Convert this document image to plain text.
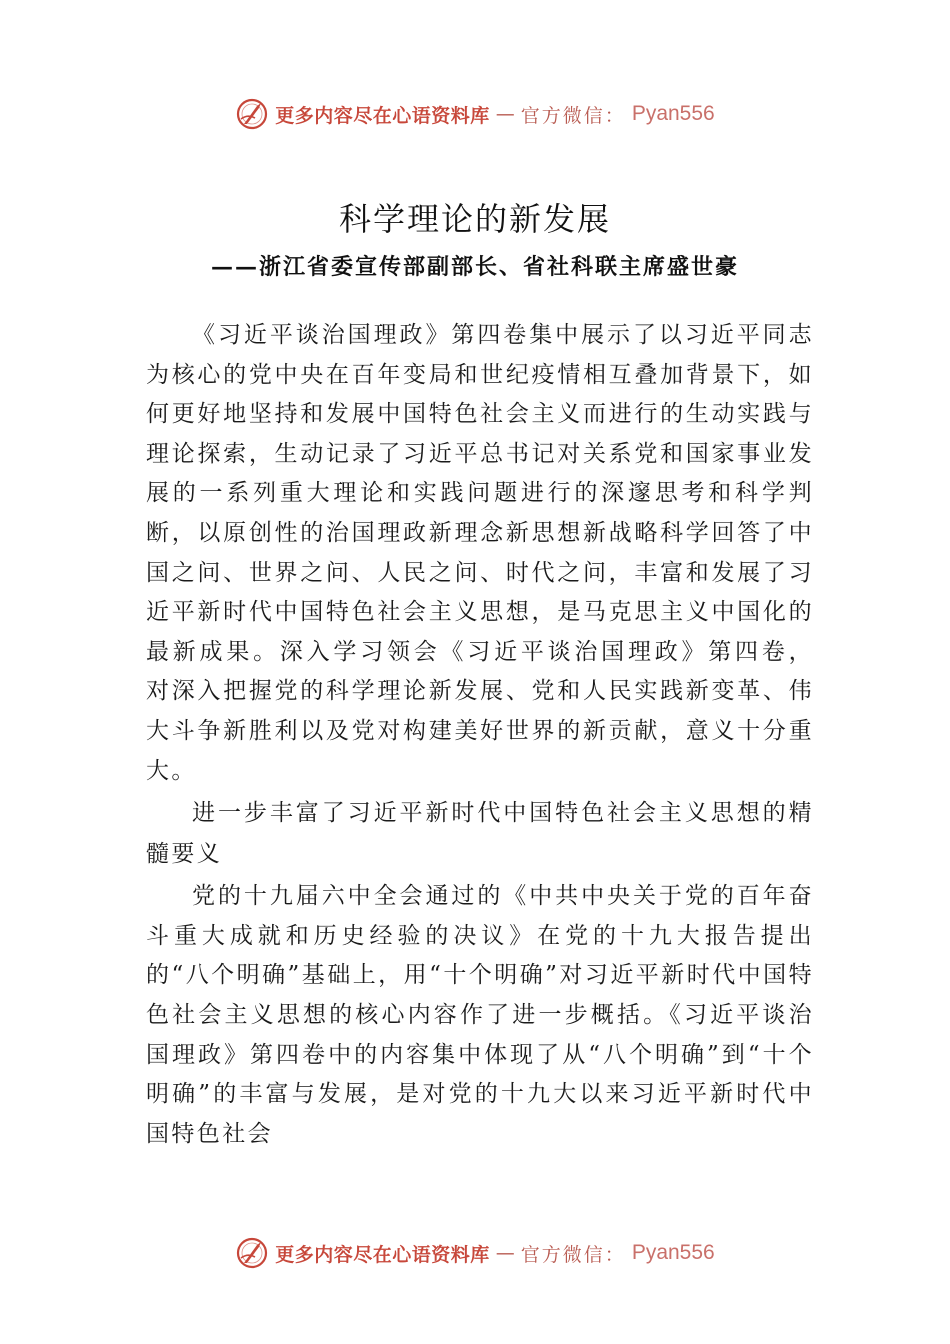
更多内容尽在心语资料库 — 官方微信： Pyan556
科学理论的新发展
——浙江省委宣传部副部长、省社科联主席盛世豪

《习近平谈治国理政》第四卷集中展示了以习近平同志为核心的党中央在百年变局和世纪疫情相互叠加背景下，如何更好地坚持和发展中国特色社会主义而进行的生动实践与理论探索，生动记录了习近平总书记对关系党和国家事业发展的一系列重大理论和实践问题进行的深邃思考和科学判断，以原创性的治国理政新理念新思想新战略科学回答了中国之问、世界之问、人民之问、时代之问，丰富和发展了习近平新时代中国特色社会主义思想，是马克思主义中国化的最新成果。深入学习领会《习近平谈治国理政》第四卷， 对深入把握党的科学理论新发展、党和人民实践新变革、伟大斗争新胜利以及党对构建美好世界的新贡献，意义十分重大。

进一步丰富了习近平新时代中国特色社会主义思想的精髓要义

党的十九届六中全会通过的《中共中央关于党的百年奋斗重大成就和历史经验的决议》在党的十九大报告提出的“八个明确”基础上，用“十个明确”对习近平新时代中国特色社会主义思想的核心内容作了进一步概括。《习近平谈治国理政》第四卷中的内容集中体现了从“八个明确”到“十个明确”的丰富与发展，是对党的十九大以来习近平新时代中国特色社会

更多内容尽在心语资料库 — 官方微信： Pyan556
